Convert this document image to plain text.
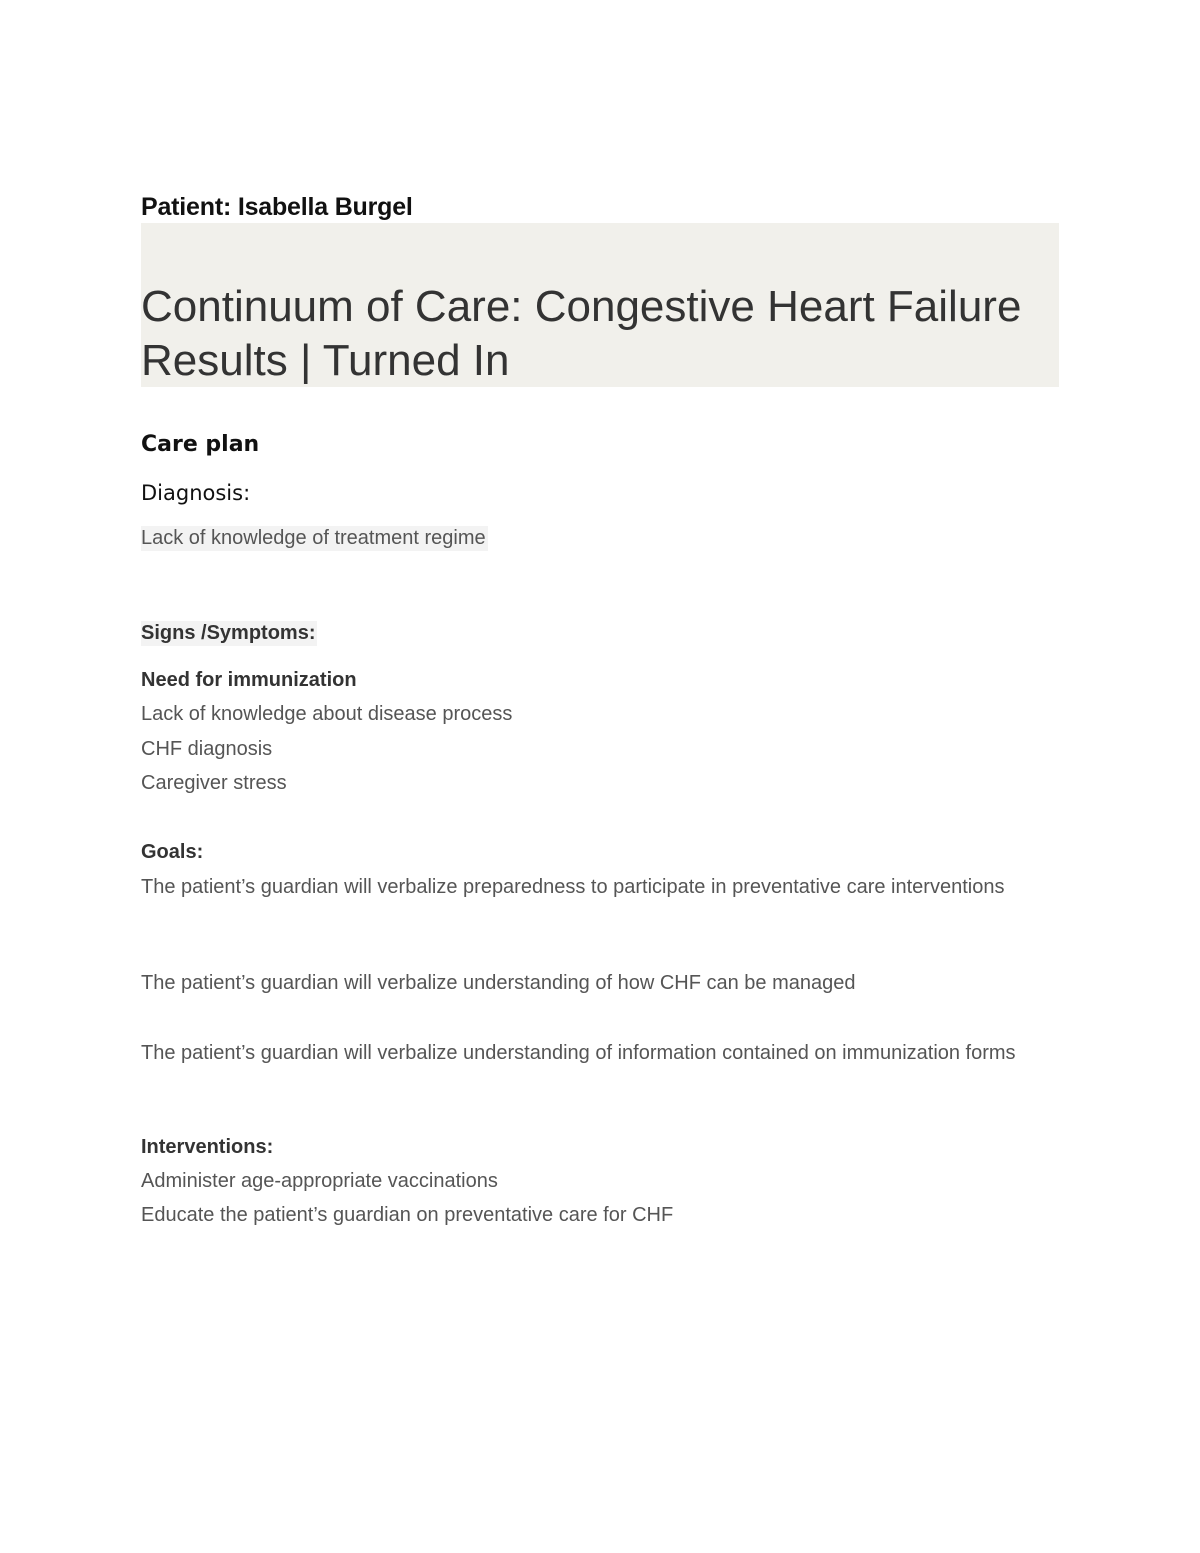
Patient: Isabella Burgel
Continuum of Care: Congestive Heart Failure Results | Turned In
Care plan
Diagnosis:
Lack of knowledge of treatment regime
Signs /Symptoms:
Need for immunization
Lack of knowledge about disease process
CHF diagnosis
Caregiver stress
Goals:
The patient’s guardian will verbalize preparedness to participate in preventative care interventions
The patient’s guardian will verbalize understanding of how CHF can be managed
The patient’s guardian will verbalize understanding of information contained on immunization forms
Interventions:
Administer age-appropriate vaccinations
Educate the patient’s guardian on preventative care for CHF
